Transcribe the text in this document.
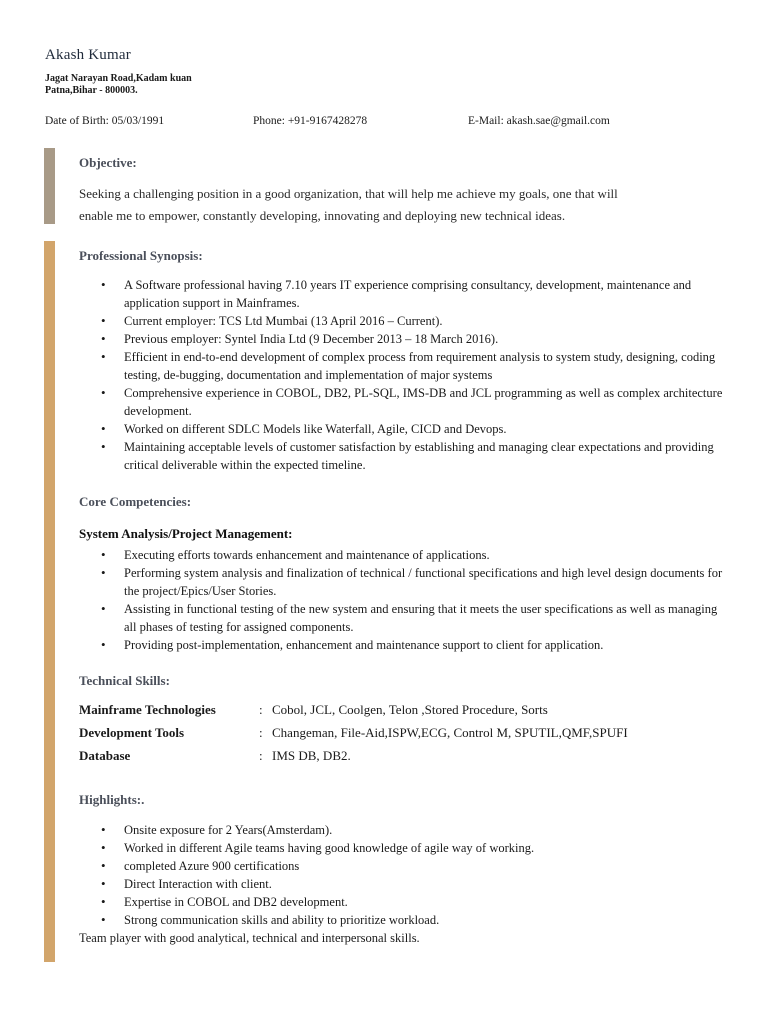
Akash Kumar
Jagat Narayan Road,Kadam kuan
Patna,Bihar - 800003.
Date of Birth: 05/03/1991	Phone: +91-9167428278	E-Mail: akash.sae@gmail.com
Objective:
Seeking a challenging position in a good organization, that will help me achieve my goals, one that will
enable me to empower, constantly developing, innovating and deploying new technical ideas.
Professional Synopsis:
• A Software professional having 7.10 years IT experience comprising consultancy, development, maintenance and application support in Mainframes.
• Current employer: TCS Ltd Mumbai (13 April 2016 – Current).
• Previous employer: Syntel India Ltd (9 December 2013 – 18 March 2016).
• Efficient in end-to-end development of complex process from requirement analysis to system study, designing, coding testing, de-bugging, documentation and implementation of major systems
• Comprehensive experience in COBOL, DB2, PL-SQL, IMS-DB and JCL programming as well as complex architecture development.
• Worked on different SDLC Models like Waterfall, Agile, CICD and Devops.
• Maintaining acceptable levels of customer satisfaction by establishing and managing clear expectations and providing critical deliverable within the expected timeline.
Core Competencies:
System Analysis/Project Management:
• Executing efforts towards enhancement and maintenance of applications.
• Performing system analysis and finalization of technical / functional specifications and high level design documents for the project/Epics/User Stories.
• Assisting in functional testing of the new system and ensuring that it meets the user specifications as well as managing all phases of testing for assigned components.
• Providing post-implementation, enhancement and maintenance support to client for application.
Technical Skills:
Mainframe Technologies	: Cobol, JCL, Coolgen, Telon ,Stored Procedure, Sorts
Development Tools	: Changeman, File-Aid,ISPW,ECG, Control M, SPUTIL,QMF,SPUFI
Database	: IMS DB, DB2.
Highlights:.
• Onsite exposure for 2 Years(Amsterdam).
• Worked in different Agile teams having good knowledge of agile way of working.
• completed Azure 900 certifications
• Direct Interaction with client.
• Expertise in COBOL and DB2 development.
• Strong communication skills and ability to prioritize workload.
Team player with good analytical, technical and interpersonal skills.
